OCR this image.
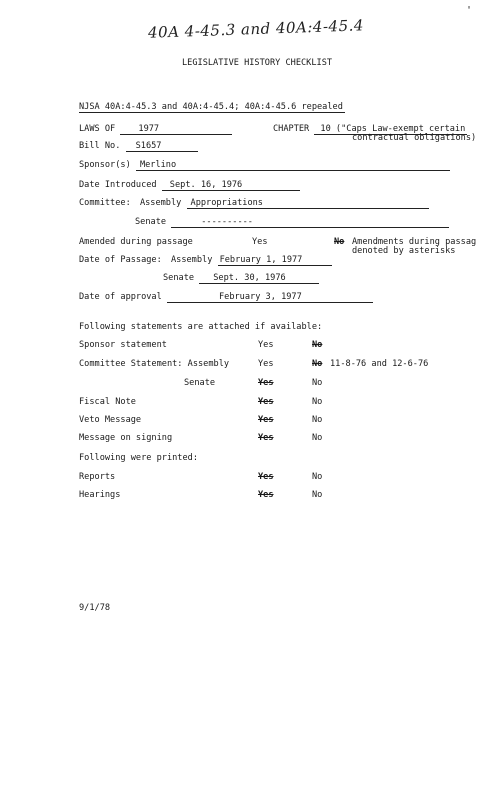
'
40A 4-45.3 and 40A:4-45.4
LEGISLATIVE HISTORY CHECKLIST
NJSA 40A:4-45.3 and 40A:4-45.4; 40A:4-45.6 repealed
LAWS OF	1977	CHAPTER 10 ("Caps Law-exempt certain
contractual obligations)
Bill No. S1657
Sponsor(s) Merlino
Date Introduced Sept. 16, 1976
Committee: Assembly Appropriations
Senate	----------
Amended during passage	Yes	No Amendments during passag
denoted by asterisks
Date of Passage: Assembly February 1, 1977
Senate Sept. 30, 1976
Date of approval	February 3, 1977
Following statements are attached if available:
Sponsor statement	Yes	No
Committee Statement: Assembly	Yes	No 11-8-76 and 12-6-76
Senate	Yes	No
Fiscal Note	Yes	No
Veto Message	Yes	No
Message on signing	Yes	No
Following were printed:
Reports	Yes	No
Hearings	Yes	No
9/1/78
